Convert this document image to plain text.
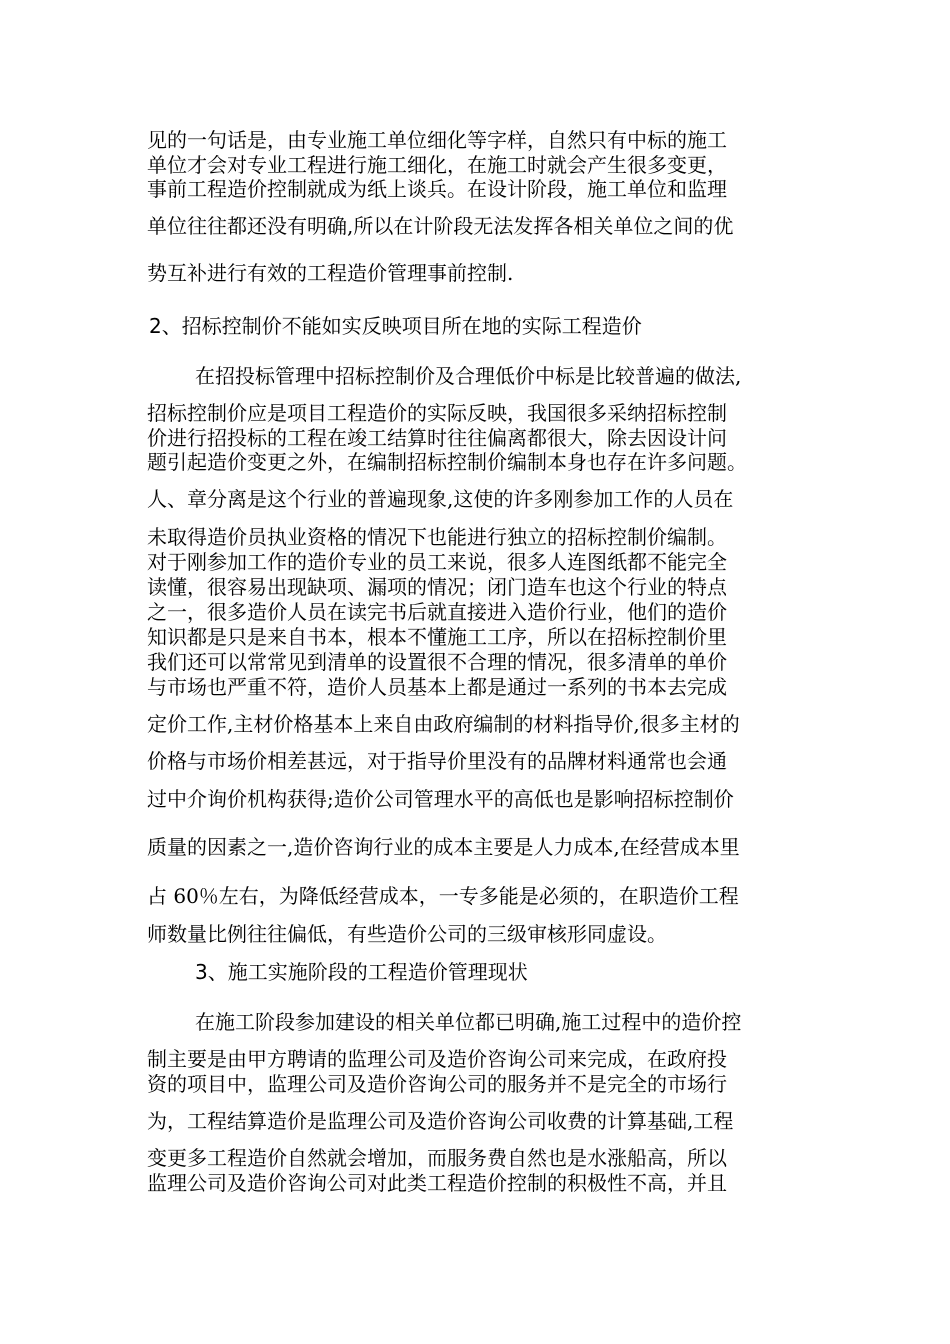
见的一句话是，由专业施工单位细化等字样，自然只有中标的施工
单位才会对专业工程进行施工细化，在施工时就会产生很多变更，
事前工程造价控制就成为纸上谈兵。在设计阶段，施工单位和监理
单位往往都还没有明确,所以在计阶段无法发挥各相关单位之间的优
势互补进行有效的工程造价管理事前控制.
2、招标控制价不能如实反映项目所在地的实际工程造价
在招投标管理中招标控制价及合理低价中标是比较普遍的做法,
招标控制价应是项目工程造价的实际反映，我国很多采纳招标控制
价进行招投标的工程在竣工结算时往往偏离都很大，除去因设计问
题引起造价变更之外，在编制招标控制价编制本身也存在许多问题。
人、章分离是这个行业的普遍现象,这使的许多刚参加工作的人员在
未取得造价员执业资格的情况下也能进行独立的招标控制价编制。
对于刚参加工作的造价专业的员工来说，很多人连图纸都不能完全
读懂，很容易出现缺项、漏项的情况；闭门造车也这个行业的特点
之一，很多造价人员在读完书后就直接进入造价行业，他们的造价
知识都是只是来自书本，根本不懂施工工序，所以在招标控制价里
我们还可以常常见到清单的设置很不合理的情况，很多清单的单价
与市场也严重不符，造价人员基本上都是通过一系列的书本去完成
定价工作,主材价格基本上来自由政府编制的材料指导价,很多主材的
价格与市场价相差甚远，对于指导价里没有的品牌材料通常也会通
过中介询价机构获得;造价公司管理水平的高低也是影响招标控制价
质量的因素之一,造价咨询行业的成本主要是人力成本,在经营成本里
占 60％左右，为降低经营成本，一专多能是必须的，在职造价工程
师数量比例往往偏低，有些造价公司的三级审核形同虚设。
3、施工实施阶段的工程造价管理现状
在施工阶段参加建设的相关单位都已明确,施工过程中的造价控
制主要是由甲方聘请的监理公司及造价咨询公司来完成，在政府投
资的项目中，监理公司及造价咨询公司的服务并不是完全的市场行
为，工程结算造价是监理公司及造价咨询公司收费的计算基础,工程
变更多工程造价自然就会增加，而服务费自然也是水涨船高，所以
监理公司及造价咨询公司对此类工程造价控制的积极性不高，并且
